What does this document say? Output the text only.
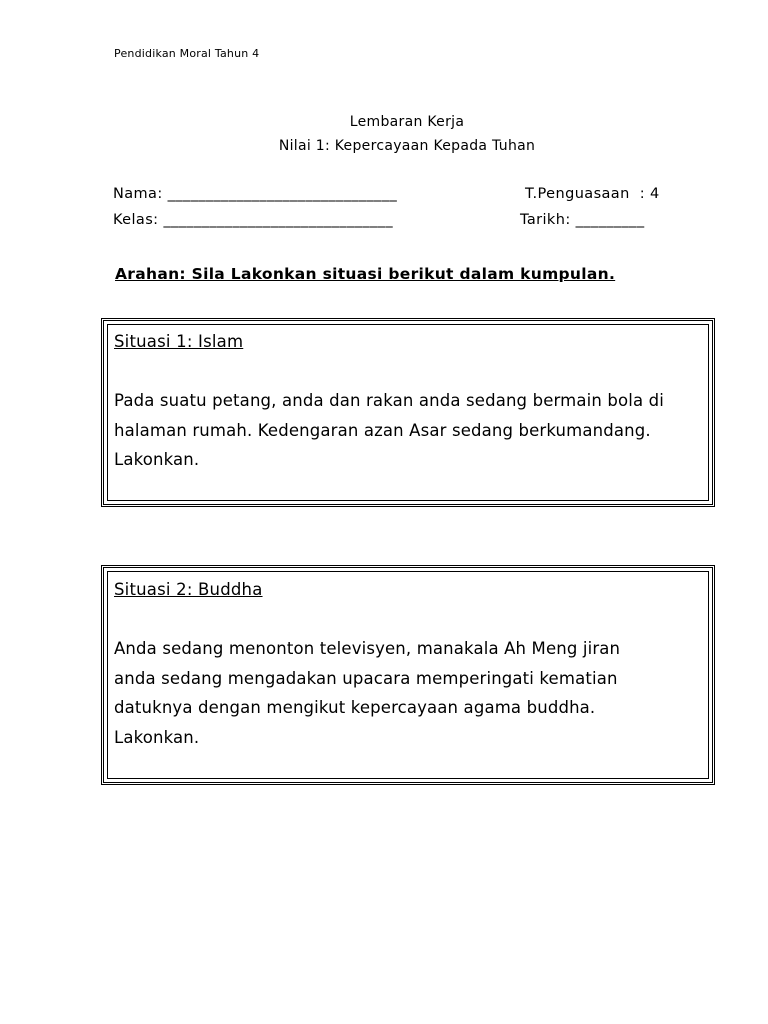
Pendidikan Moral Tahun 4
Lembaran Kerja
Nilai 1: Kepercayaan Kepada Tuhan
Nama: ______________________________
Kelas: ______________________________
T.Penguasaan  : 4
Tarikh: _________
Arahan: Sila Lakonkan situasi berikut dalam kumpulan.
Situasi 1: Islam
Pada suatu petang, anda dan rakan anda sedang bermain bola di
halaman rumah. Kedengaran azan Asar sedang berkumandang.
Lakonkan.
Situasi 2: Buddha
Anda sedang menonton televisyen, manakala Ah Meng jiran
anda sedang mengadakan upacara memperingati kematian
datuknya dengan mengikut kepercayaan agama buddha.
Lakonkan.
